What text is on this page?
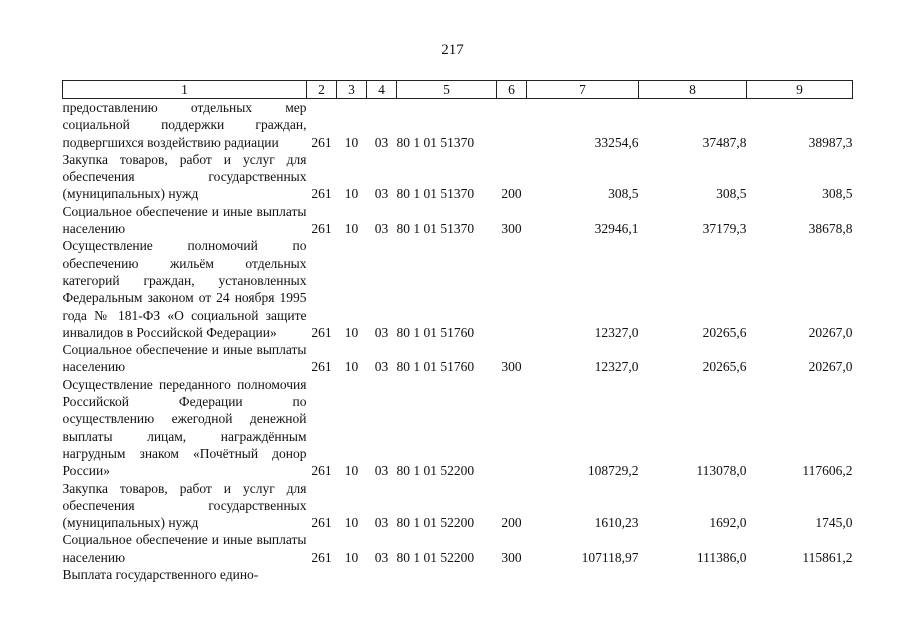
217
1	2	3	4	5	6	7	8	9
предоставлению отдельных мер социальной поддержки граждан, подвергшихся воздействию радиации	261	10	03	80 1 01 51370		33254,6	37487,8	38987,3
Закупка товаров, работ и услуг для обеспечения государственных (муниципальных) нужд	261	10	03	80 1 01 51370	200	308,5	308,5	308,5
Социальное обеспечение и иные выплаты населению	261	10	03	80 1 01 51370	300	32946,1	37179,3	38678,8
Осуществление полномочий по обеспечению жильём отдельных категорий граждан, установленных Федеральным законом от 24 ноября 1995 года № 181-ФЗ «О социальной защите инвалидов в Российской Федерации»	261	10	03	80 1 01 51760		12327,0	20265,6	20267,0
Социальное обеспечение и иные выплаты населению	261	10	03	80 1 01 51760	300	12327,0	20265,6	20267,0
Осуществление переданного полномочия Российской Федерации по осуществлению ежегодной денежной выплаты лицам, награждённым нагрудным знаком «Почётный донор России»	261	10	03	80 1 01 52200		108729,2	113078,0	117606,2
Закупка товаров, работ и услуг для обеспечения государственных (муниципальных) нужд	261	10	03	80 1 01 52200	200	1610,23	1692,0	1745,0
Социальное обеспечение и иные выплаты населению	261	10	03	80 1 01 52200	300	107118,97	111386,0	115861,2
Выплата государственного едино-								
